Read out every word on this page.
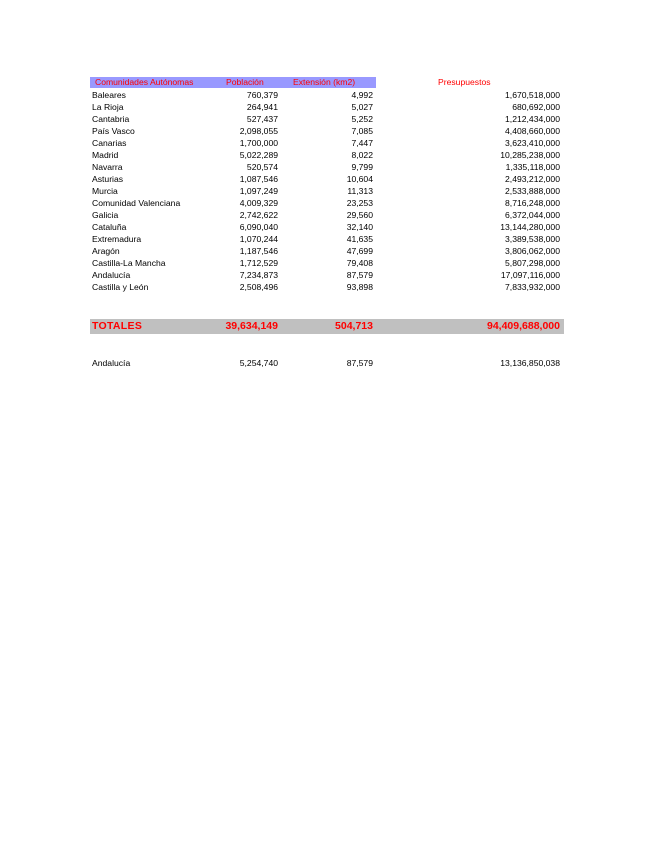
Comunidades Autónomas	Población	Extensión (km2)	Presupuestos
Baleares	760,379	4,992	1,670,518,000
La Rioja	264,941	5,027	680,692,000
Cantabria	527,437	5,252	1,212,434,000
País Vasco	2,098,055	7,085	4,408,660,000
Canarias	1,700,000	7,447	3,623,410,000
Madrid	5,022,289	8,022	10,285,238,000
Navarra	520,574	9,799	1,335,118,000
Asturias	1,087,546	10,604	2,493,212,000
Murcia	1,097,249	11,313	2,533,888,000
Comunidad Valenciana	4,009,329	23,253	8,716,248,000
Galicia	2,742,622	29,560	6,372,044,000
Cataluña	6,090,040	32,140	13,144,280,000
Extremadura	1,070,244	41,635	3,389,538,000
Aragón	1,187,546	47,699	3,806,062,000
Castilla-La Mancha	1,712,529	79,408	5,807,298,000
Andalucía	7,234,873	87,579	17,097,116,000
Castilla y León	2,508,496	93,898	7,833,932,000
TOTALES	39,634,149	504,713	94,409,688,000
Andalucía	5,254,740	87,579	13,136,850,038
